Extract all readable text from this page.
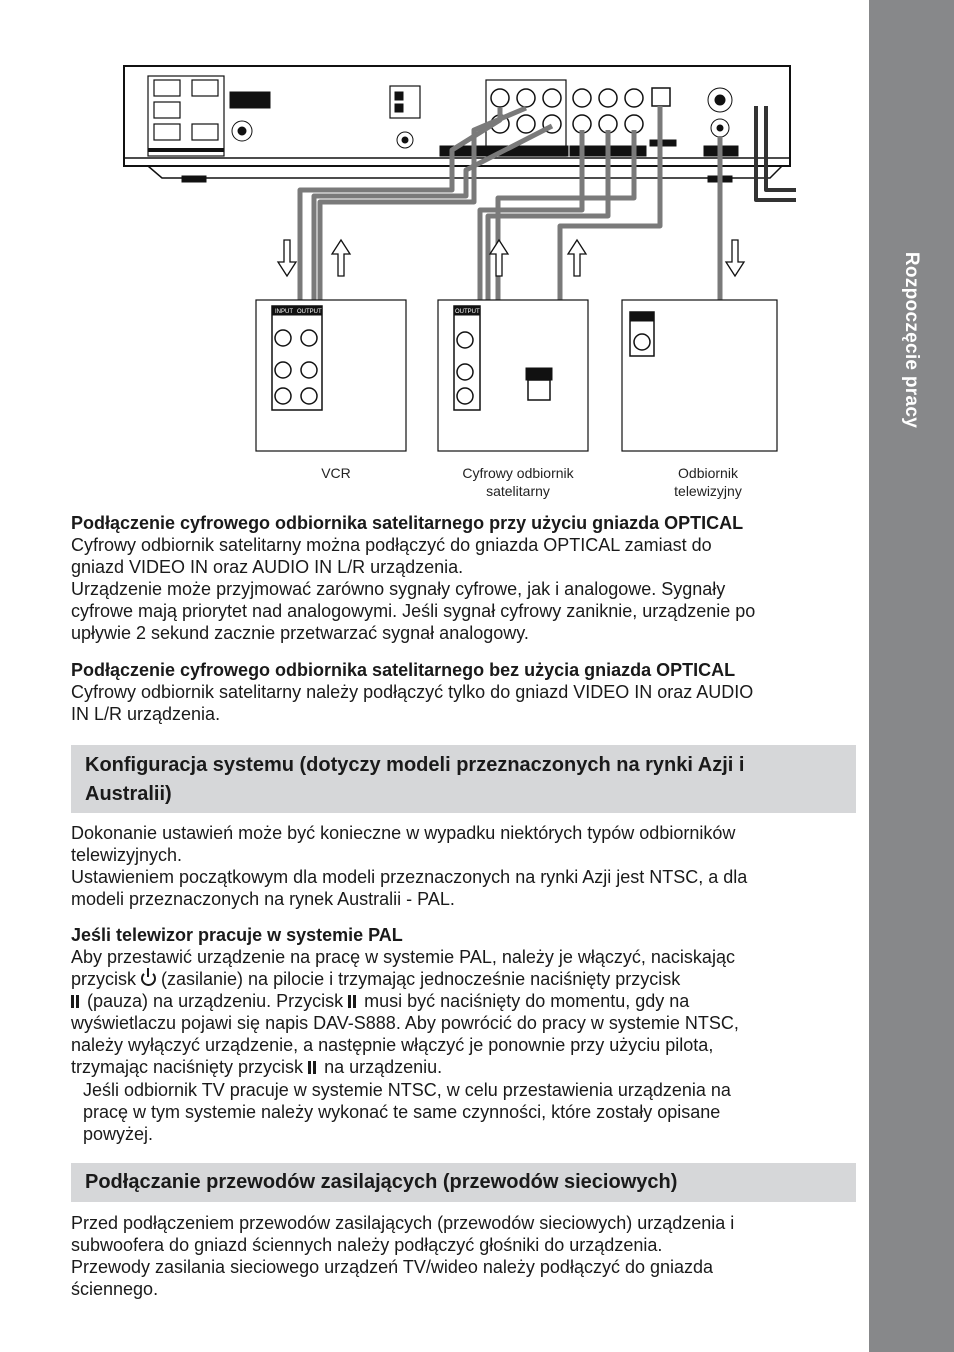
Rozpoczęcie pracy
INPUT OUTPUT	OUTPUT
VCR	Cyfrowy odbiornik
satelitarny
Odbiornik
telewizyjny

Podłączenie cyfrowego odbiornika satelitarnego przy użyciu gniazda OPTICAL

Cyfrowy odbiornik satelitarny można podłączyć do gniazda OPTICAL zamiast do

gniazd VIDEO IN oraz AUDIO IN L/R urządzenia.

Urządzenie może przyjmować zarówno sygnały cyfrowe, jak i analogowe. Sygnały

cyfrowe mają priorytet nad analogowymi. Jeśli sygnał cyfrowy zaniknie, urządzenie po

upływie 2 sekund zacznie przetwarzać sygnał analogowy.

Podłączenie cyfrowego odbiornika satelitarnego bez użycia gniazda OPTICAL

Cyfrowy odbiornik satelitarny należy podłączyć tylko do gniazd VIDEO IN oraz AUDIO

IN L/R urządzenia.

Konfiguracja systemu (dotyczy modeli przeznaczonych na rynki Azji i
Australii)

Dokonanie ustawień może być konieczne w wypadku niektórych typów odbiorników

telewizyjnych.

Ustawieniem początkowym dla modeli przeznaczonych na rynki Azji jest NTSC, a dla

modeli przeznaczonych na rynek Australii - PAL.

Jeśli telewizor pracuje w systemie PAL

Aby przestawić urządzenie na pracę w systemie PAL, należy je włączyć, naciskając

przycisk  (zasilanie) na pilocie i trzymając jednocześnie naciśnięty przycisk

(pauza) na urządzeniu. Przycisk  musi być naciśnięty do momentu, gdy na

wyświetlaczu pojawi się napis DAV-S888. Aby powrócić do pracy w systemie NTSC,

należy wyłączyć urządzenie, a następnie włączyć je ponownie przy użyciu pilota,

trzymając naciśnięty przycisk  na urządzeniu.

Jeśli odbiornik TV pracuje w systemie NTSC, w celu przestawienia urządzenia na

pracę w tym systemie należy wykonać te same czynności, które zostały opisane

powyżej.

Podłączanie przewodów zasilających (przewodów sieciowych)

Przed podłączeniem przewodów zasilających (przewodów sieciowych) urządzenia i

subwoofera do gniazd ściennych należy podłączyć głośniki do urządzenia.

Przewody zasilania sieciowego urządzeń TV/wideo należy podłączyć do gniazda

ściennego.
